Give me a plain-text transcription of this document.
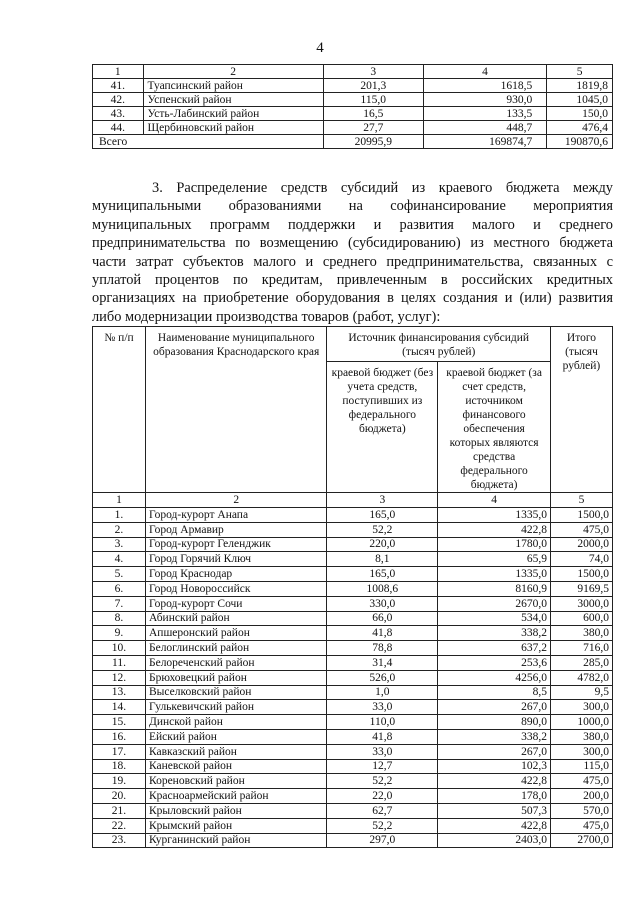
4
1	2	3	4	5
41.	Туапсинский район	201,3	1618,5	1819,8
42.	Успенский район	115,0	930,0	1045,0
43.	Усть-Лабинский район	16,5	133,5	150,0
44.	Щербиновский район	27,7	448,7	476,4
Всего		20995,9	169874,7	190870,6
3. Распределение средств субсидий из краевого бюджета между муниципальными образованиями на софинансирование мероприятия муниципальных программ поддержки и развития малого и среднего предпринимательства по возмещению (субсидированию) из местного бюджета части затрат субъектов малого и среднего предпринимательства, связанных с уплатой процентов по кредитам, привлеченным в российских кредитных организациях на приобретение оборудования в целях создания и (или) развития либо модернизации производства товаров (работ, услуг):
№ п/п	Наименование муниципального образования Краснодарского края	Источник финансирования субсидий (тысяч рублей)		Итого (тысяч рублей)
		краевой бюджет (без учета средств, поступивших из федерального бюджета)	краевой бюджет (за счет средств, источником финансового обеспечения которых являются средства федерального бюджета)	
1	2	3	4	5
1.	Город-курорт Анапа	165,0	1335,0	1500,0
2.	Город Армавир	52,2	422,8	475,0
3.	Город-курорт Геленджик	220,0	1780,0	2000,0
4.	Город Горячий Ключ	8,1	65,9	74,0
5.	Город Краснодар	165,0	1335,0	1500,0
6.	Город Новороссийск	1008,6	8160,9	9169,5
7.	Город-курорт Сочи	330,0	2670,0	3000,0
8.	Абинский район	66,0	534,0	600,0
9.	Апшеронский район	41,8	338,2	380,0
10.	Белоглинский район	78,8	637,2	716,0
11.	Белореченский район	31,4	253,6	285,0
12.	Брюховецкий район	526,0	4256,0	4782,0
13.	Выселковский район	1,0	8,5	9,5
14.	Гулькевичский район	33,0	267,0	300,0
15.	Динской район	110,0	890,0	1000,0
16.	Ейский район	41,8	338,2	380,0
17.	Кавказский район	33,0	267,0	300,0
18.	Каневской район	12,7	102,3	115,0
19.	Кореновский район	52,2	422,8	475,0
20.	Красноармейский район	22,0	178,0	200,0
21.	Крыловский район	62,7	507,3	570,0
22.	Крымский район	52,2	422,8	475,0
23.	Курганинский район	297,0	2403,0	2700,0
